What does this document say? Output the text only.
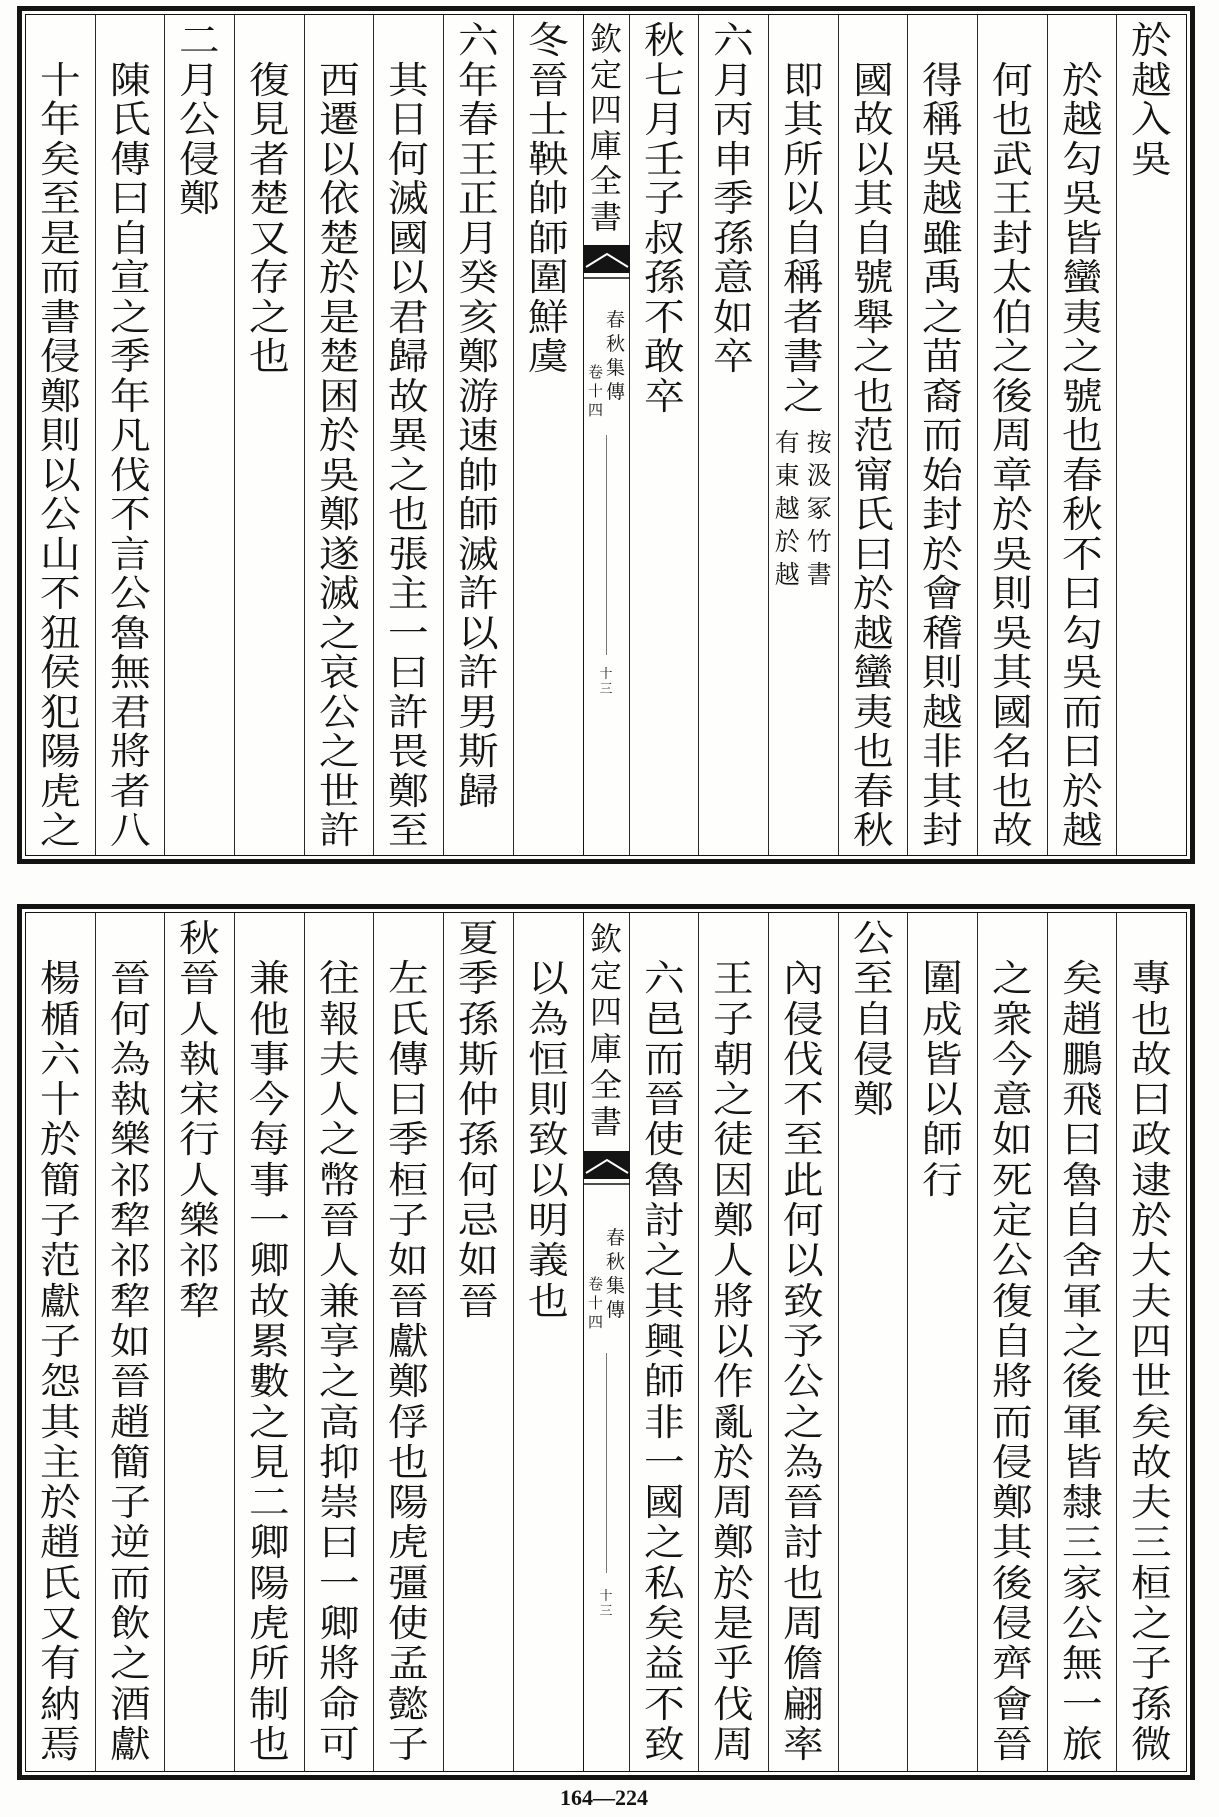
於
越
入
吳
於
越
勾
吳
皆
蠻
夷
之
號
也
春
秋
不
曰
勾
吳
而
曰
於
越
何
也
武
王
封
太
伯
之
後
周
章
於
吳
則
吳
其
國
名
也
故
得
稱
吳
越
雖
禹
之
苗
裔
而
始
封
於
會
稽
則
越
非
其
封
國
故
以
其
自
號
舉
之
也
范
甯
氏
曰
於
越
蠻
夷
也
春
秋
即
其
所
以
自
稱
者
書
之
按
汲
冢
竹
書
有
東
越
於
越
六
月
丙
申
季
孫
意
如
卒
秋
七
月
壬
子
叔
孫
不
敢
卒
欽
定
四
庫
全
書
春
秋
集
傳
卷
十
四
十
三
冬
晉
士
鞅
帥
師
圍
鮮
虞
六
年
春
王
正
月
癸
亥
鄭
游
速
帥
師
滅
許
以
許
男
斯
歸
其
日
何
滅
國
以
君
歸
故
異
之
也
張
主
一
曰
許
畏
鄭
至
西
遷
以
依
楚
於
是
楚
困
於
吳
鄭
遂
滅
之
哀
公
之
世
許
復
見
者
楚
又
存
之
也
二
月
公
侵
鄭
陳
氏
傳
曰
自
宣
之
季
年
凡
伐
不
言
公
魯
無
君
將
者
八
十
年
矣
至
是
而
書
侵
鄭
則
以
公
山
不
狃
侯
犯
陽
虎
之
專
也
故
曰
政
逮
於
大
夫
四
世
矣
故
夫
三
桓
之
子
孫
微
矣
趙
鵬
飛
曰
魯
自
舍
軍
之
後
軍
皆
隸
三
家
公
無
一
旅
之
衆
今
意
如
死
定
公
復
自
將
而
侵
鄭
其
後
侵
齊
會
晉
圍
成
皆
以
師
行
公
至
自
侵
鄭
內
侵
伐
不
至
此
何
以
致
予
公
之
為
晉
討
也
周
儋
翩
率
王
子
朝
之
徒
因
鄭
人
將
以
作
亂
於
周
鄭
於
是
乎
伐
周
六
邑
而
晉
使
魯
討
之
其
興
師
非
一
國
之
私
矣
益
不
致
欽
定
四
庫
全
書
春
秋
集
傳
卷
十
四
十
三
以
為
恒
則
致
以
明
義
也
夏
季
孫
斯
仲
孫
何
忌
如
晉
左
氏
傳
曰
季
桓
子
如
晉
獻
鄭
俘
也
陽
虎
彊
使
孟
懿
子
往
報
夫
人
之
幣
晉
人
兼
享
之
高
抑
崇
曰
一
卿
將
命
可
兼
他
事
今
每
事
一
卿
故
累
數
之
見
二
卿
陽
虎
所
制
也
秋
晉
人
執
宋
行
人
樂
祁
犂
晉
何
為
執
樂
祁
犂
祁
犂
如
晉
趙
簡
子
逆
而
飲
之
酒
獻
楊
楯
六
十
於
簡
子
范
獻
子
怨
其
主
於
趙
氏
又
有
納
焉
164—224
